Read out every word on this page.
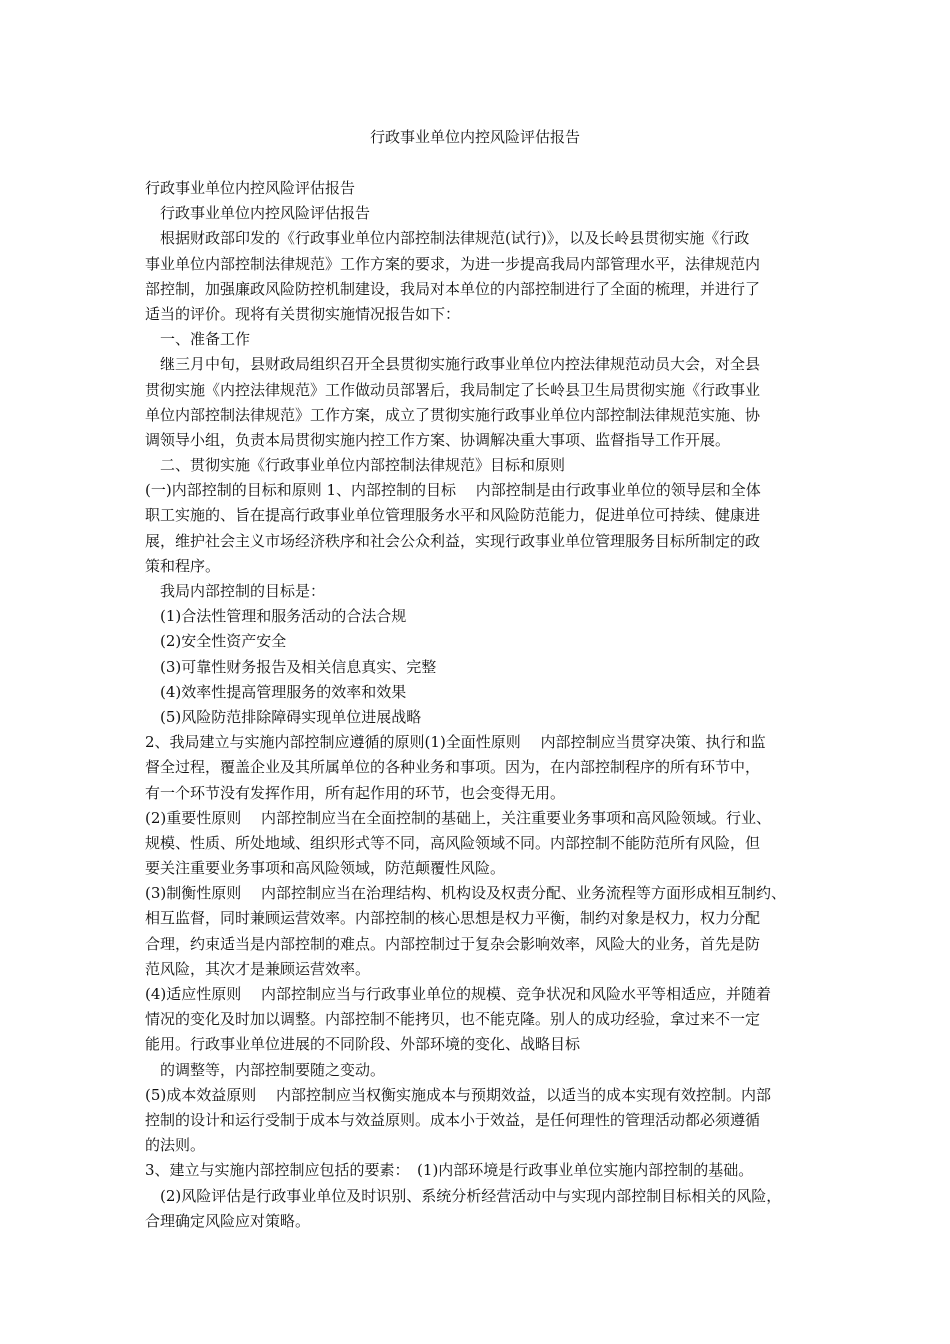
行政事业单位内控风险评估报告
行政事业单位内控风险评估报告
　行政事业单位内控风险评估报告
　根据财政部印发的《行政事业单位内部控制法律规范(试行)》，以及长岭县贯彻实施《行政
事业单位内部控制法律规范》工作方案的要求，为进一步提高我局内部管理水平，法律规范内
部控制，加强廉政风险防控机制建设，我局对本单位的内部控制进行了全面的梳理，并进行了
适当的评价。现将有关贯彻实施情况报告如下：
　一、准备工作
　继三月中旬，县财政局组织召开全县贯彻实施行政事业单位内控法律规范动员大会，对全县
贯彻实施《内控法律规范》工作做动员部署后，我局制定了长岭县卫生局贯彻实施《行政事业
单位内部控制法律规范》工作方案，成立了贯彻实施行政事业单位内部控制法律规范实施、协
调领导小组，负责本局贯彻实施内控工作方案、协调解决重大事项、监督指导工作开展。
　二、贯彻实施《行政事业单位内部控制法律规范》目标和原则
(一)内部控制的目标和原则 1、内部控制的目标　 内部控制是由行政事业单位的领导层和全体
职工实施的、旨在提高行政事业单位管理服务水平和风险防范能力，促进单位可持续、健康进
展，维护社会主义市场经济秩序和社会公众利益，实现行政事业单位管理服务目标所制定的政
策和程序。
　我局内部控制的目标是：
　(1)合法性管理和服务活动的合法合规
　(2)安全性资产安全
　(3)可靠性财务报告及相关信息真实、完整
　(4)效率性提高管理服务的效率和效果
　(5)风险防范排除障碍实现单位进展战略
2、我局建立与实施内部控制应遵循的原则(1)全面性原则　 内部控制应当贯穿决策、执行和监
督全过程，覆盖企业及其所属单位的各种业务和事项。因为，在内部控制程序的所有环节中，
有一个环节没有发挥作用，所有起作用的环节，也会变得无用。
(2)重要性原则　 内部控制应当在全面控制的基础上，关注重要业务事项和高风险领域。行业、
规模、性质、所处地域、组织形式等不同，高风险领域不同。内部控制不能防范所有风险，但
要关注重要业务事项和高风险领域，防范颠覆性风险。
(3)制衡性原则　 内部控制应当在治理结构、机构设及权责分配、业务流程等方面形成相互制约、
相互监督，同时兼顾运营效率。内部控制的核心思想是权力平衡，制约对象是权力，权力分配
合理，约束适当是内部控制的难点。内部控制过于复杂会影响效率，风险大的业务，首先是防
范风险，其次才是兼顾运营效率。
(4)适应性原则　 内部控制应当与行政事业单位的规模、竞争状况和风险水平等相适应，并随着
情况的变化及时加以调整。内部控制不能拷贝，也不能克隆。别人的成功经验，拿过来不一定
能用。行政事业单位进展的不同阶段、外部环境的变化、战略目标
　的调整等，内部控制要随之变动。
(5)成本效益原则　 内部控制应当权衡实施成本与预期效益，以适当的成本实现有效控制。内部
控制的设计和运行受制于成本与效益原则。成本小于效益，是任何理性的管理活动都必须遵循
的法则。
3、建立与实施内部控制应包括的要素：　(1)内部环境是行政事业单位实施内部控制的基础。
　(2)风险评估是行政事业单位及时识别、系统分析经营活动中与实现内部控制目标相关的风险，
合理确定风险应对策略。
